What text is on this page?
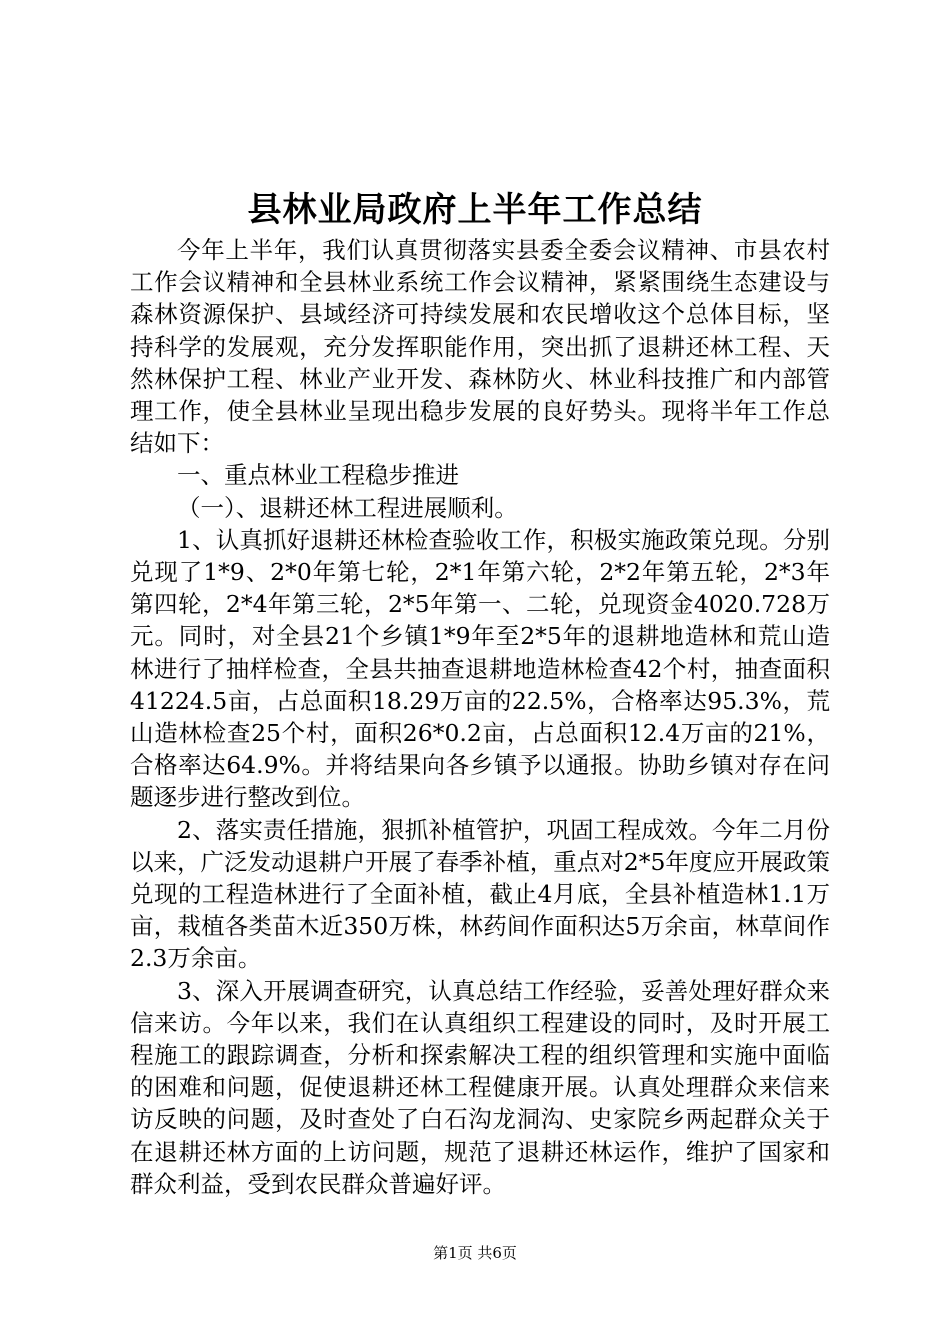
县林业局政府上半年工作总结

今年上半年，我们认真贯彻落实县委全委会议精神、市县农村工作会议精神和全县林业系统工作会议精神，紧紧围绕生态建设与森林资源保护、县域经济可持续发展和农民增收这个总体目标，坚持科学的发展观，充分发挥职能作用，突出抓了退耕还林工程、天然林保护工程、林业产业开发、森林防火、林业科技推广和内部管理工作，使全县林业呈现出稳步发展的良好势头。现将半年工作总结如下：

一、重点林业工程稳步推进

（一）、退耕还林工程进展顺利。

1、认真抓好退耕还林检查验收工作，积极实施政策兑现。分别兑现了1*9、2*0年第七轮，2*1年第六轮，2*2年第五轮，2*3年第四轮，2*4年第三轮，2*5年第一、二轮，兑现资金4020.728万元。同时，对全县21个乡镇1*9年至2*5年的退耕地造林和荒山造林进行了抽样检查，全县共抽查退耕地造林检查42个村，抽查面积41224.5亩，占总面积18.29万亩的22.5%，合格率达95.3%，荒山造林检查25个村，面积26*0.2亩，占总面积12.4万亩的21%，合格率达64.9%。并将结果向各乡镇予以通报。协助乡镇对存在问题逐步进行整改到位。

2、落实责任措施，狠抓补植管护，巩固工程成效。今年二月份以来，广泛发动退耕户开展了春季补植，重点对2*5年度应开展政策兑现的工程造林进行了全面补植，截止4月底，全县补植造林1.1万亩，栽植各类苗木近350万株，林药间作面积达5万余亩，林草间作2.3万余亩。

3、深入开展调查研究，认真总结工作经验，妥善处理好群众来信来访。今年以来，我们在认真组织工程建设的同时，及时开展工程施工的跟踪调查，分析和探索解决工程的组织管理和实施中面临的困难和问题，促使退耕还林工程健康开展。认真处理群众来信来访反映的问题，及时查处了白石沟龙洞沟、史家院乡两起群众关于在退耕还林方面的上访问题，规范了退耕还林运作，维护了国家和群众利益，受到农民群众普遍好评。

第1页 共6页
